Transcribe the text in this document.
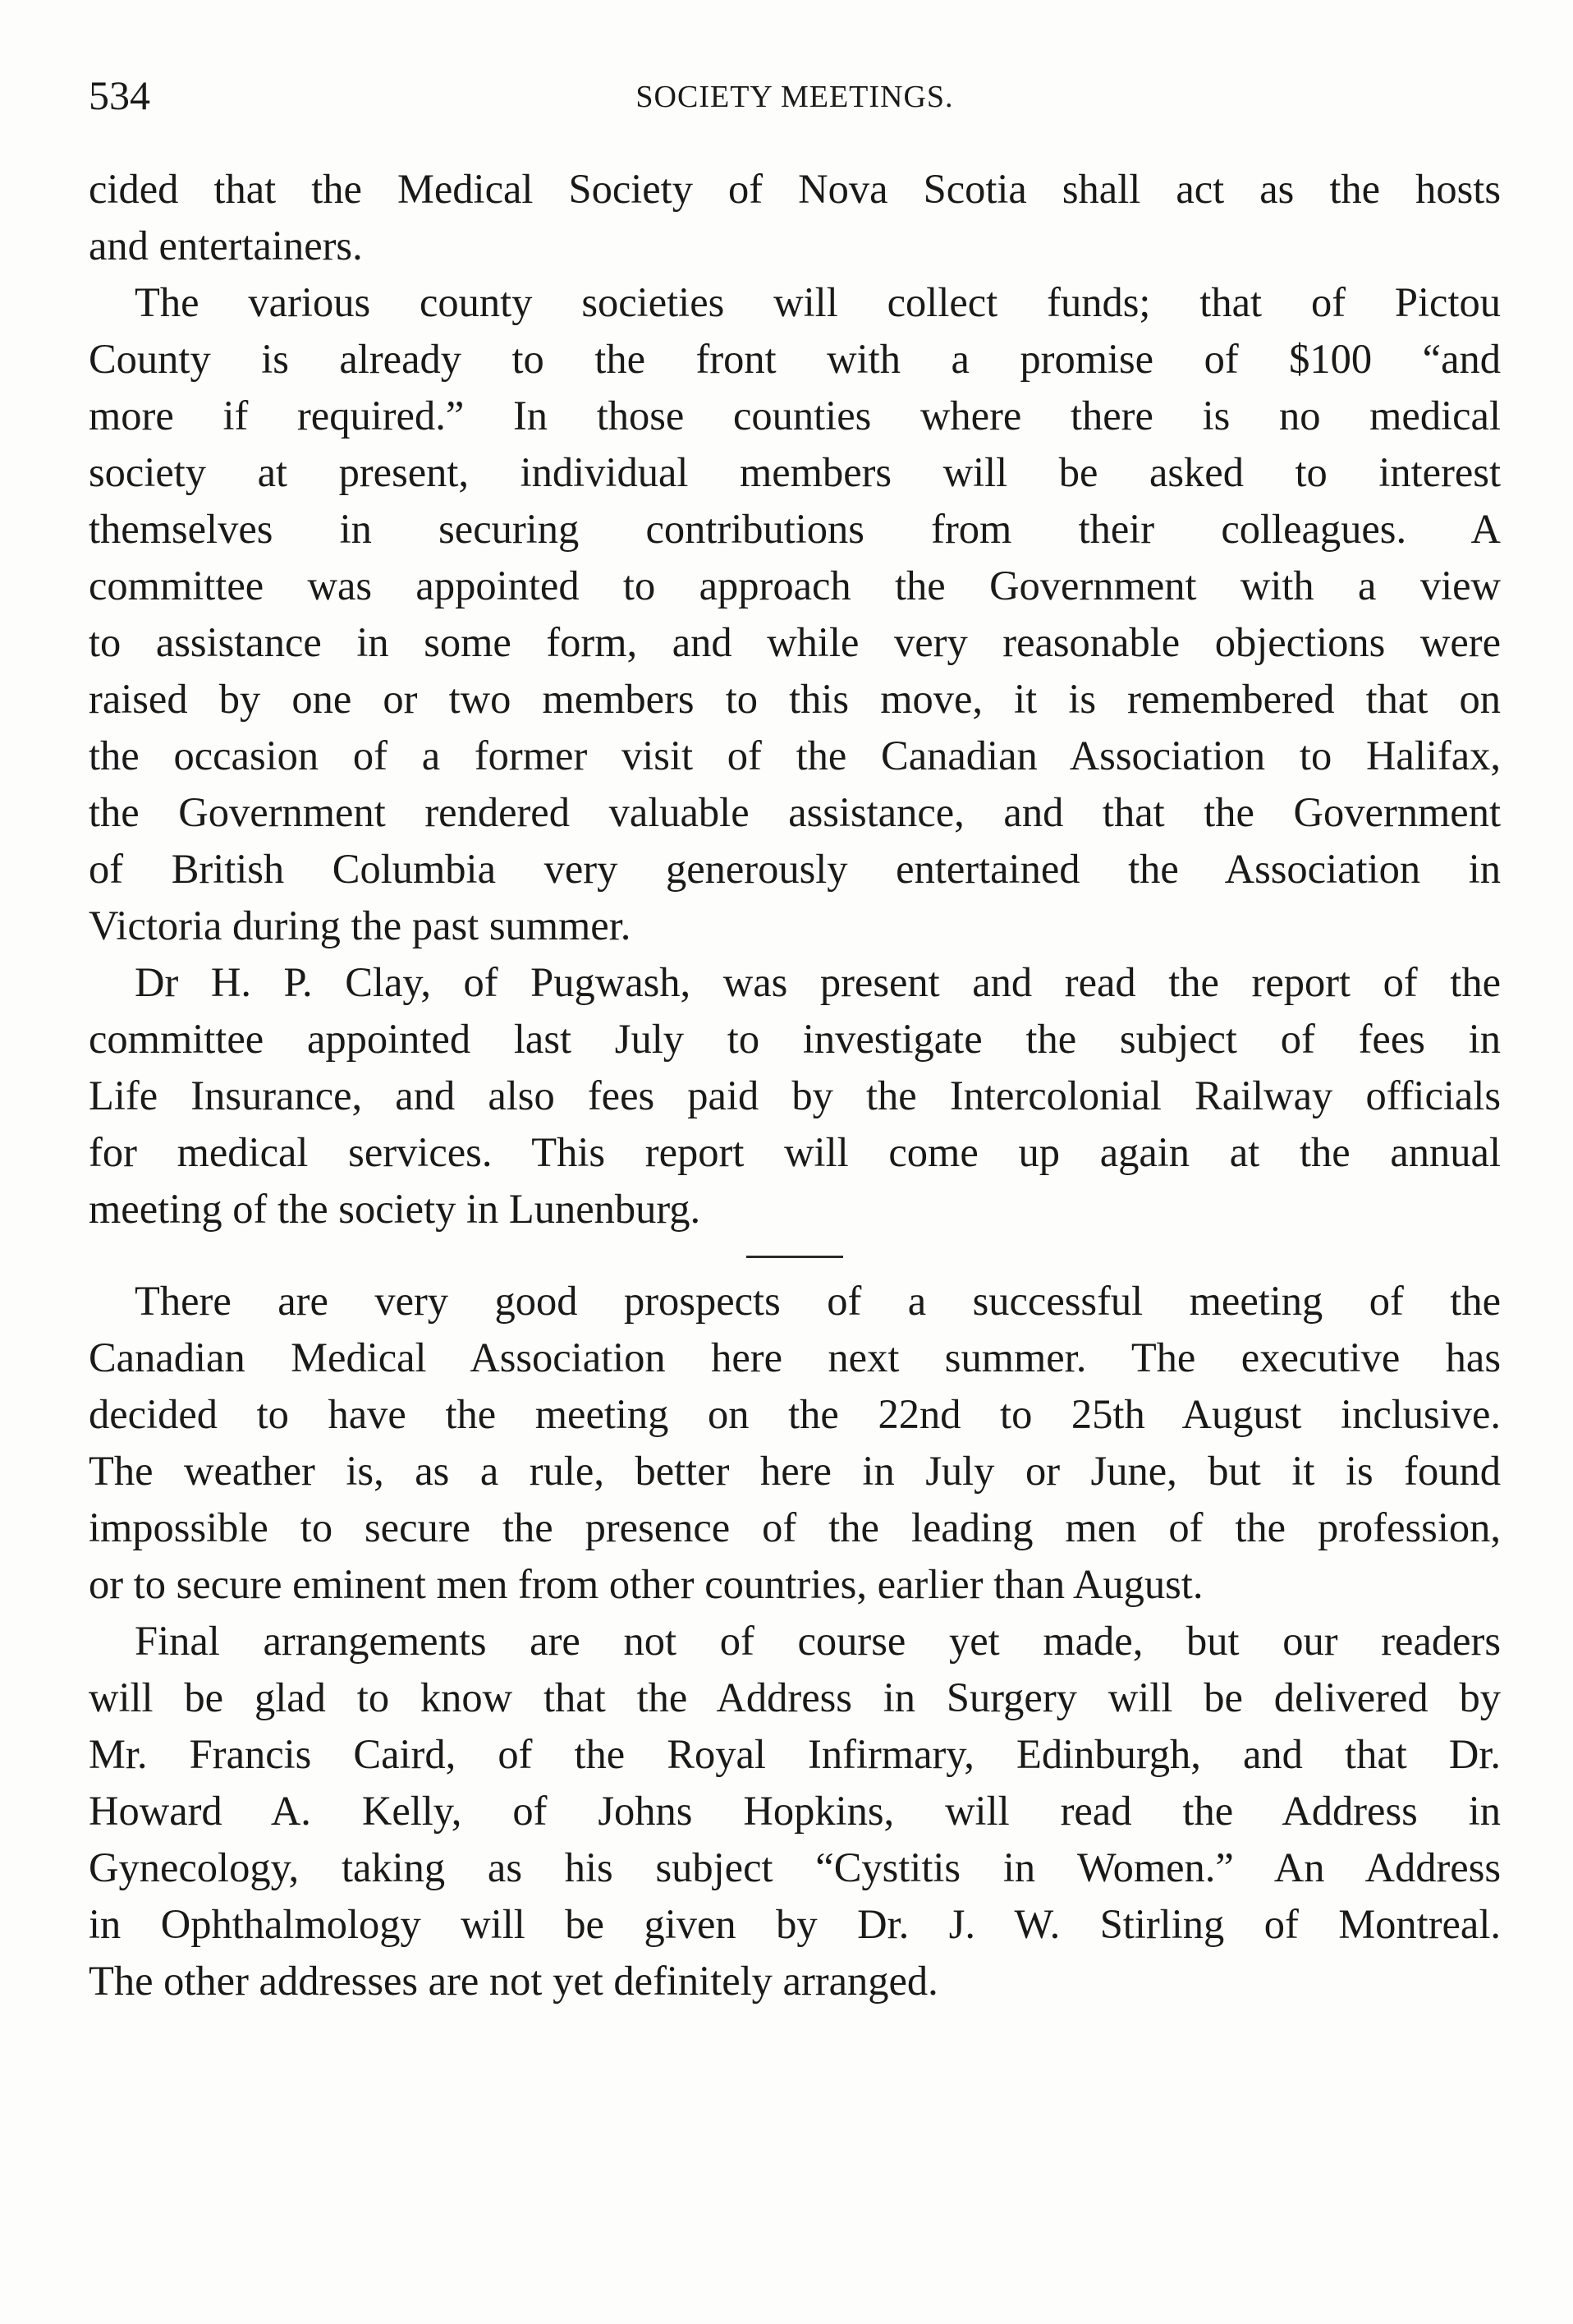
534	SOCIETY MEETINGS.
cided that the Medical Society of Nova Scotia shall act as the hosts
and entertainers.
The various county societies will collect funds; that of Pictou
County is already to the front with a promise of $100 “and
more if required.” In those counties where there is no medical
society at present, individual members will be asked to interest
themselves in securing contributions from their colleagues. A
committee was appointed to approach the Government with a view
to assistance in some form, and while very reasonable objections were
raised by one or two members to this move, it is remembered that on
the occasion of a former visit of the Canadian Association to Halifax,
the Government rendered valuable assistance, and that the Government
of British Columbia very generously entertained the Association in
Victoria during the past summer.
Dr H. P. Clay, of Pugwash, was present and read the report of the
committee appointed last July to investigate the subject of fees in
Life Insurance, and also fees paid by the Intercolonial Railway officials
for medical services. This report will come up again at the annual
meeting of the society in Lunenburg.
There are very good prospects of a successful meeting of the
Canadian Medical Association here next summer. The executive has
decided to have the meeting on the 22nd to 25th August inclusive.
The weather is, as a rule, better here in July or June, but it is found
impossible to secure the presence of the leading men of the profession,
or to secure eminent men from other countries, earlier than August.
Final arrangements are not of course yet made, but our readers
will be glad to know that the Address in Surgery will be delivered by
Mr. Francis Caird, of the Royal Infirmary, Edinburgh, and that Dr.
Howard A. Kelly, of Johns Hopkins, will read the Address in
Gynecology, taking as his subject “Cystitis in Women.” An Address
in Ophthalmology will be given by Dr. J. W. Stirling of Montreal.
The other addresses are not yet definitely arranged.
